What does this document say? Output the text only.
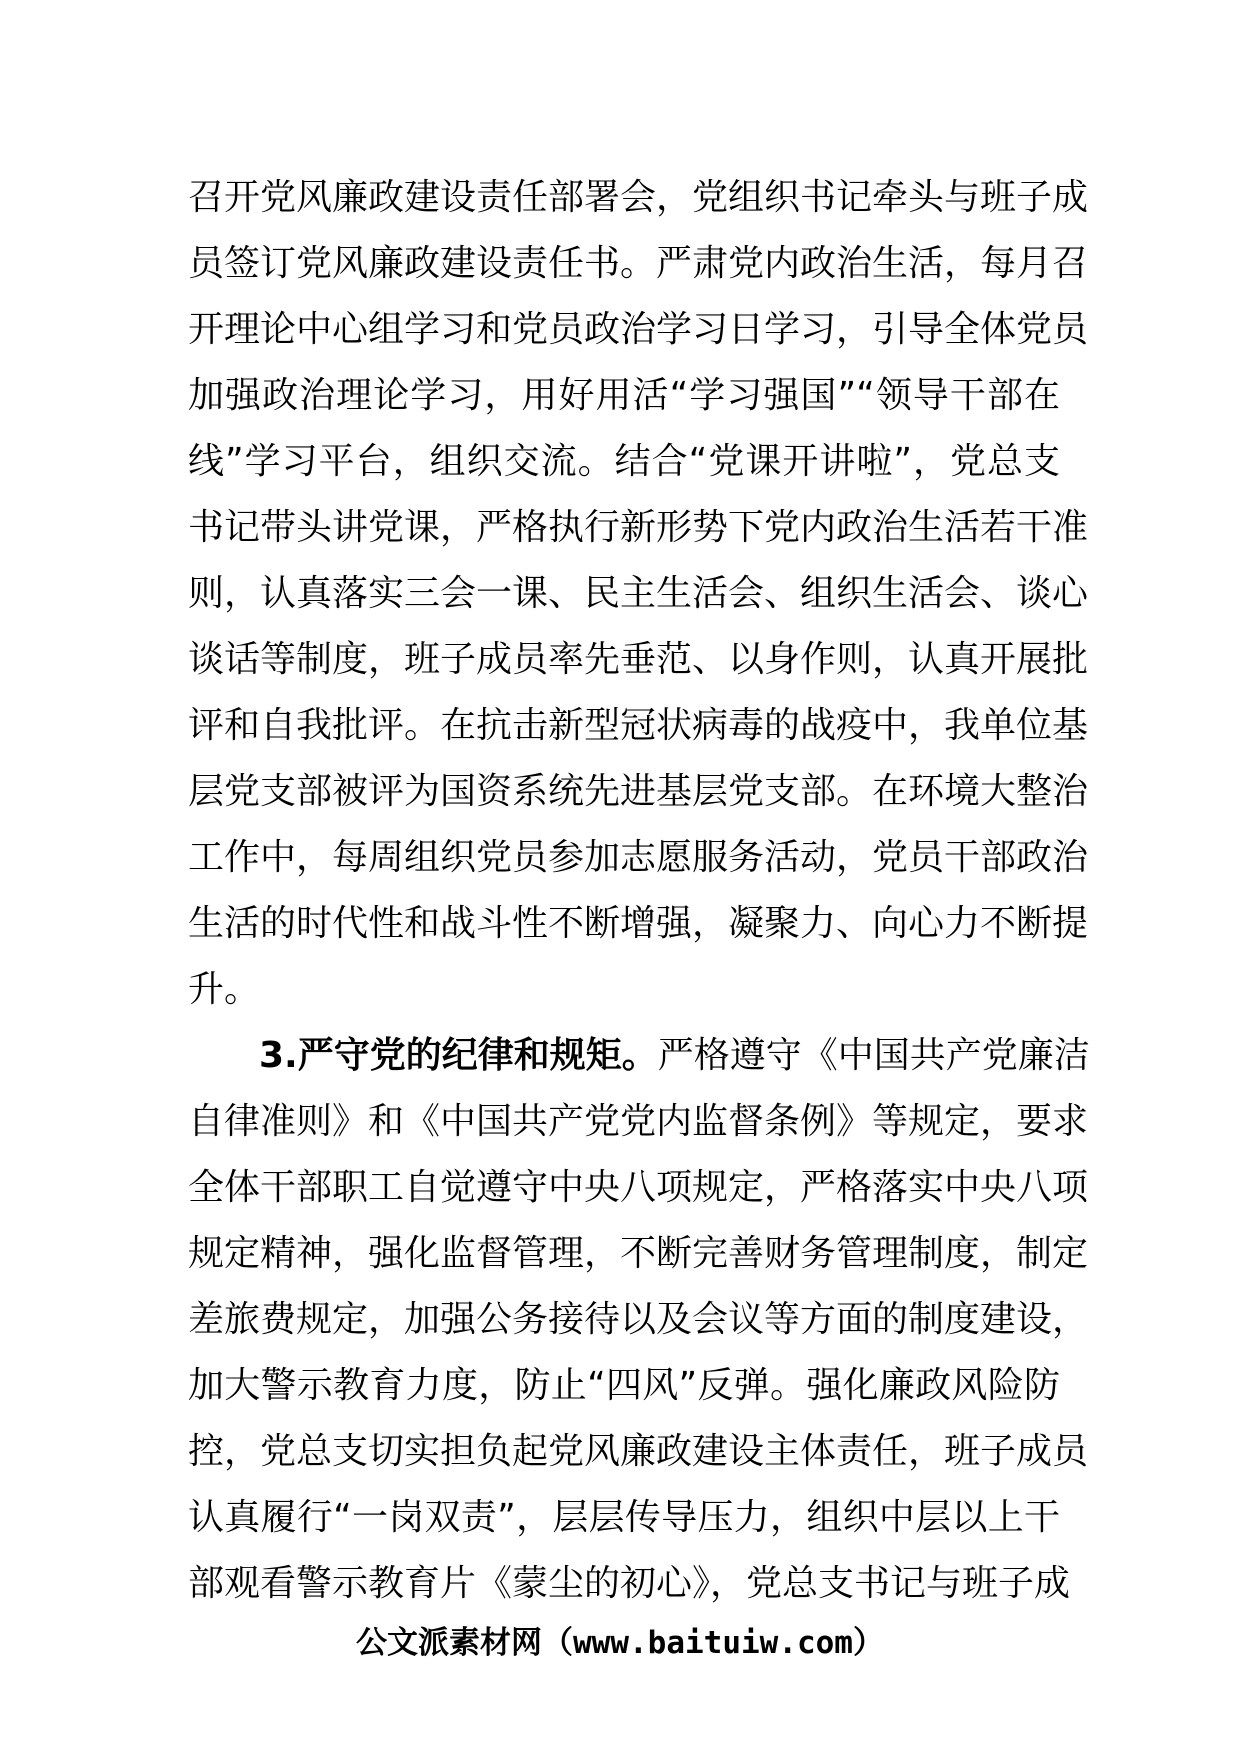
召开党风廉政建设责任部署会，党组织书记牵头与班子成
员签订党风廉政建设责任书。严肃党内政治生活，每月召
开理论中心组学习和党员政治学习日学习，引导全体党员
加强政治理论学习，用好用活“学习强国”“领导干部在
线”学习平台，组织交流。结合“党课开讲啦”，党总支
书记带头讲党课，严格执行新形势下党内政治生活若干准
则，认真落实三会一课、民主生活会、组织生活会、谈心
谈话等制度，班子成员率先垂范、以身作则，认真开展批
评和自我批评。在抗击新型冠状病毒的战疫中，我单位基
层党支部被评为国资系统先进基层党支部。在环境大整治
工作中，每周组织党员参加志愿服务活动，党员干部政治
生活的时代性和战斗性不断增强，凝聚力、向心力不断提
升。
3.严守党的纪律和规矩。严格遵守《中国共产党廉洁
自律准则》和《中国共产党党内监督条例》等规定，要求
全体干部职工自觉遵守中央八项规定，严格落实中央八项
规定精神，强化监督管理，不断完善财务管理制度，制定
差旅费规定，加强公务接待以及会议等方面的制度建设，
加大警示教育力度，防止“四风”反弹。强化廉政风险防
控，党总支切实担负起党风廉政建设主体责任，班子成员
认真履行“一岗双责”，层层传导压力，组织中层以上干
部观看警示教育片《蒙尘的初心》，党总支书记与班子成
公文派素材网（www.baituiw.com）
